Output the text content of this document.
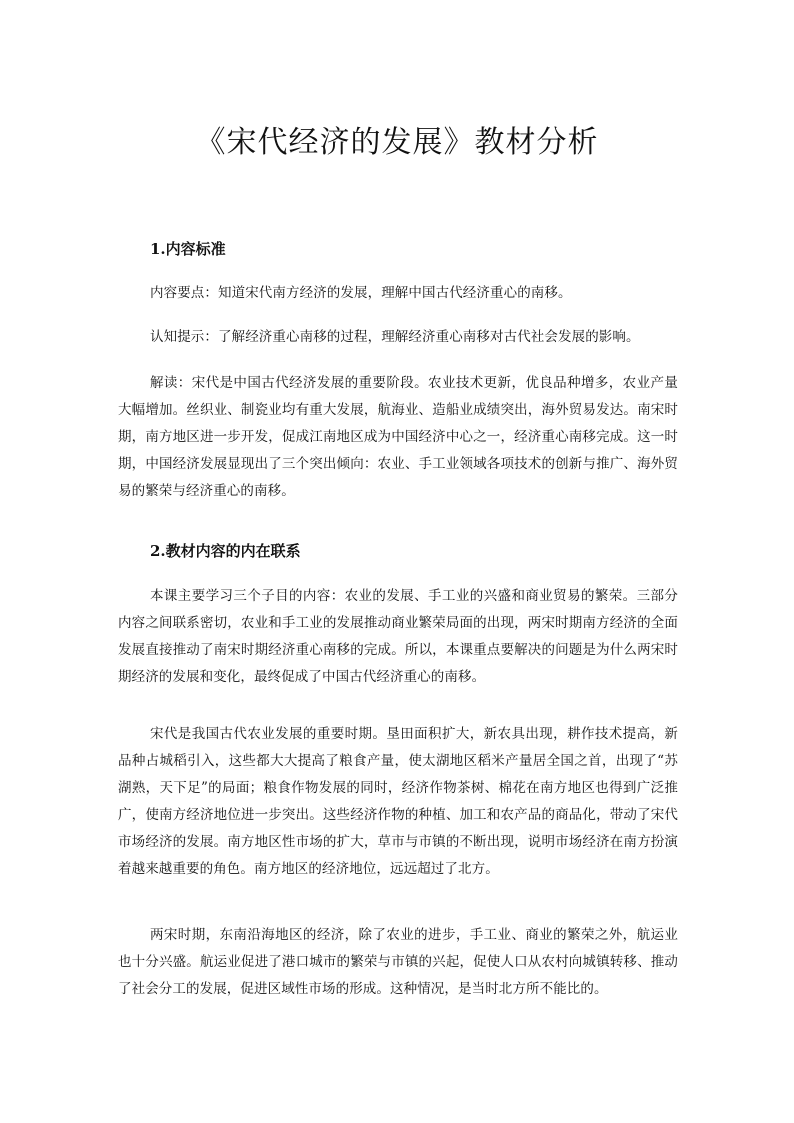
《宋代经济的发展》教材分析
1.内容标准

内容要点：知道宋代南方经济的发展，理解中国古代经济重心的南移。

认知提示：了解经济重心南移的过程，理解经济重心南移对古代社会发展的影响。

解读：宋代是中国古代经济发展的重要阶段。农业技术更新，优良品种增多，农业产量大幅增加。丝织业、制瓷业均有重大发展，航海业、造船业成绩突出，海外贸易发达。南宋时期，南方地区进一步开发，促成江南地区成为中国经济中心之一，经济重心南移完成。这一时期，中国经济发展显现出了三个突出倾向：农业、手工业领域各项技术的创新与推广、海外贸易的繁荣与经济重心的南移。

2.教材内容的内在联系

本课主要学习三个子目的内容：农业的发展、手工业的兴盛和商业贸易的繁荣。三部分内容之间联系密切，农业和手工业的发展推动商业繁荣局面的出现，两宋时期南方经济的全面发展直接推动了南宋时期经济重心南移的完成。所以，本课重点要解决的问题是为什么两宋时期经济的发展和变化，最终促成了中国古代经济重心的南移。

宋代是我国古代农业发展的重要时期。垦田面积扩大，新农具出现，耕作技术提高，新品种占城稻引入，这些都大大提高了粮食产量，使太湖地区稻米产量居全国之首，出现了“苏湖熟，天下足”的局面；粮食作物发展的同时，经济作物茶树、棉花在南方地区也得到广泛推广，使南方经济地位进一步突出。这些经济作物的种植、加工和农产品的商品化，带动了宋代市场经济的发展。南方地区性市场的扩大，草市与市镇的不断出现，说明市场经济在南方扮演着越来越重要的角色。南方地区的经济地位，远远超过了北方。

两宋时期，东南沿海地区的经济，除了农业的进步，手工业、商业的繁荣之外，航运业也十分兴盛。航运业促进了港口城市的繁荣与市镇的兴起，促使人口从农村向城镇转移、推动了社会分工的发展，促进区域性市场的形成。这种情况，是当时北方所不能比的。
